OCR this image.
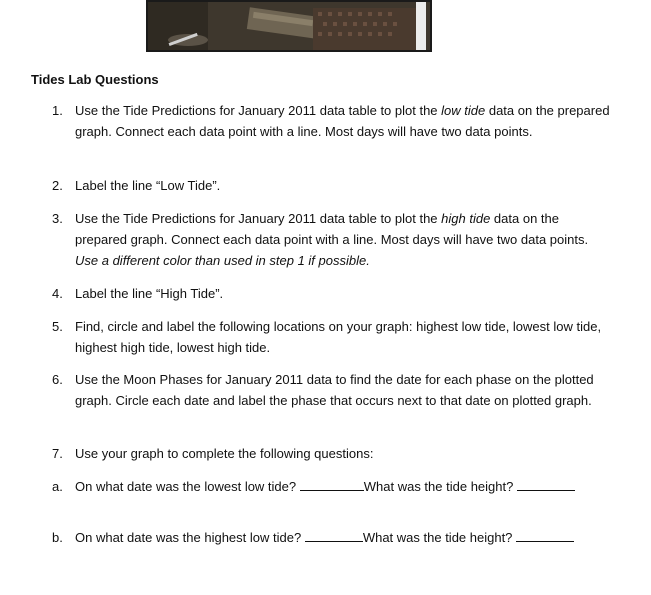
Tides Lab Questions
1. Use the Tide Predictions for January 2011 data table to plot the low tide data on the prepared graph. Connect each data point with a line. Most days will have two data points.
2. Label the line “Low Tide”.
3. Use the Tide Predictions for January 2011 data table to plot the high tide data on the prepared graph. Connect each data point with a line. Most days will have two data points. Use a different color than used in step 1 if possible.
4. Label the line “High Tide”.
5. Find, circle and label the following locations on your graph: highest low tide, lowest low tide, highest high tide, lowest high tide.
6. Use the Moon Phases for January 2011 data to find the date for each phase on the plotted graph. Circle each date and label the phase that occurs next to that date on plotted graph.
7. Use your graph to complete the following questions:
a. On what date was the lowest low tide?	What was the tide height?
b. On what date was the highest low tide?	What was the tide height?
